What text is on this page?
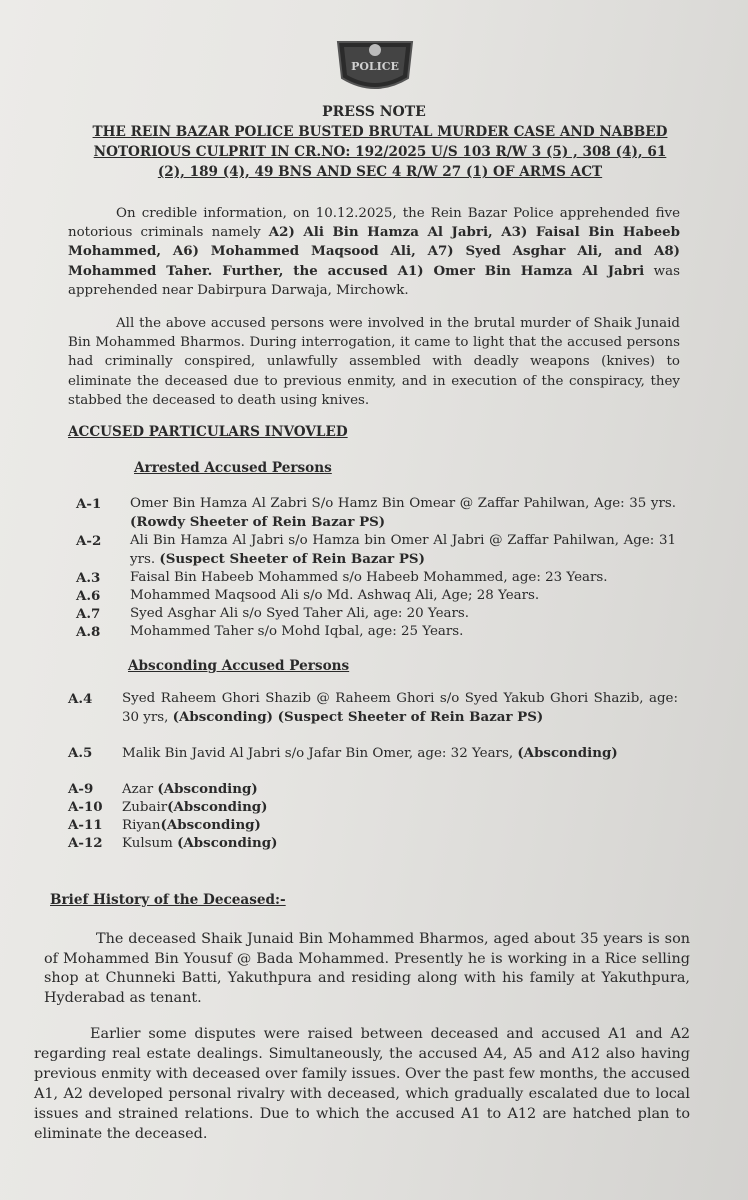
POLICE
PRESS NOTE
THE REIN BAZAR POLICE BUSTED BRUTAL MURDER CASE AND NABBED NOTORIOUS CULPRIT IN CR.NO: 192/2025 U/S 103 R/W 3 (5) , 308 (4), 61 (2), 189 (4), 49 BNS AND SEC 4 R/W 27 (1) OF ARMS ACT
On credible information, on 10.12.2025, the Rein Bazar Police apprehended five notorious criminals namely A2) Ali Bin Hamza Al Jabri, A3) Faisal Bin Habeeb Mohammed, A6) Mohammed Maqsood Ali, A7) Syed Asghar Ali, and A8) Mohammed Taher. Further, the accused A1) Omer Bin Hamza Al Jabri was apprehended near Dabirpura Darwaja, Mirchowk.
All the above accused persons were involved in the brutal murder of Shaik Junaid Bin Mohammed Bharmos. During interrogation, it came to light that the accused persons had criminally conspired, unlawfully assembled with deadly weapons (knives) to eliminate the deceased due to previous enmity, and in execution of the conspiracy, they stabbed the deceased to death using knives.
ACCUSED PARTICULARS INVOVLED
Arrested Accused Persons
A-1	Omer Bin Hamza Al Zabri S/o Hamz Bin Omear @ Zaffar Pahilwan, Age: 35 yrs. (Rowdy Sheeter of Rein Bazar PS)
A-2	Ali Bin Hamza Al Jabri s/o Hamza bin Omer Al Jabri @ Zaffar Pahilwan, Age: 31 yrs. (Suspect Sheeter of Rein Bazar PS)
A.3	Faisal Bin Habeeb Mohammed s/o Habeeb Mohammed, age: 23 Years.
A.6	Mohammed Maqsood Ali s/o Md. Ashwaq Ali, Age; 28 Years.
A.7	Syed Asghar Ali s/o Syed Taher Ali, age: 20 Years.
A.8	Mohammed Taher s/o Mohd Iqbal, age: 25 Years.
Absconding Accused Persons
A.4	Syed Raheem Ghori Shazib @ Raheem Ghori s/o Syed Yakub Ghori Shazib, age: 30 yrs, (Absconding) (Suspect Sheeter of Rein Bazar PS)
A.5	Malik Bin Javid Al Jabri s/o Jafar Bin Omer, age: 32 Years, (Absconding)
A-9	Azar (Absconding)
A-10	Zubair(Absconding)
A-11	Riyan(Absconding)
A-12	Kulsum (Absconding)
Brief History of the Deceased:-
The deceased Shaik Junaid Bin Mohammed Bharmos, aged about 35 years is son of Mohammed Bin Yousuf @ Bada Mohammed. Presently he is working in a Rice selling shop at Chunneki Batti, Yakuthpura and residing along with his family at Yakuthpura, Hyderabad as tenant.
Earlier some disputes were raised between deceased and accused A1 and A2 regarding real estate dealings. Simultaneously, the accused A4, A5 and A12 also having previous enmity with deceased over family issues. Over the past few months, the accused A1, A2 developed personal rivalry with deceased, which gradually escalated due to local issues and strained relations. Due to which the accused A1 to A12 are hatched plan to eliminate the deceased.
